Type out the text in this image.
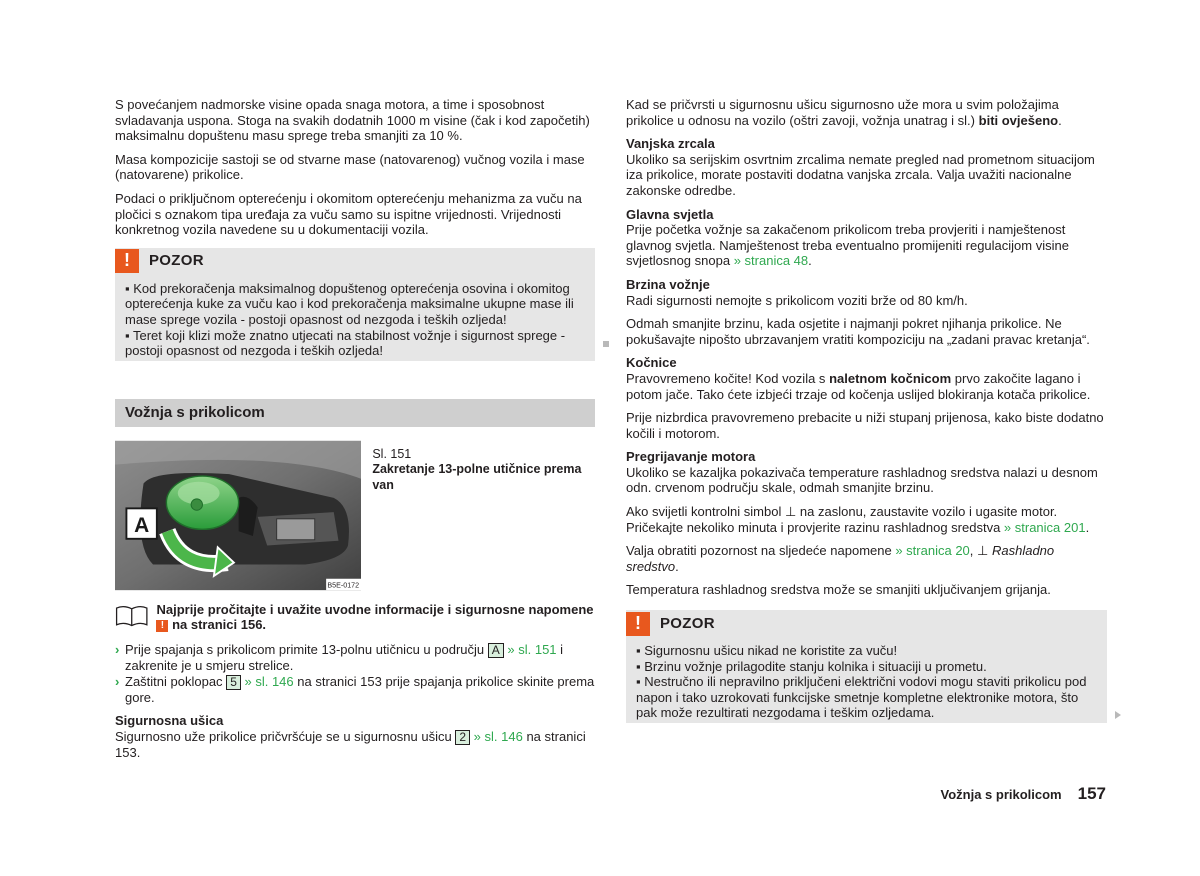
S povećanjem nadmorske visine opada snaga motora, a time i sposobnost svladavanja uspona. Stoga na svakih dodatnih 1000 m visine (čak i kod započetih) maksimalnu dopuštenu masu sprege treba smanjiti za 10 %.

Masa kompozicije sastoji se od stvarne mase (natovarenog) vučnog vozila i mase (natovarene) prikolice.

Podaci o priključnom opterećenju i okomitom opterećenju mehanizma za vuču na pločici s oznakom tipa uređaja za vuču samo su ispitne vrijednosti. Vrijednosti konkretnog vozila navedene su u dokumentaciji vozila.

!	POZOR

▪ Kod prekoračenja maksimalnog dopuštenog opterećenja osovina i okomitog opterećenja kuke za vuču kao i kod prekoračenja maksimalne ukupne mase ili mase sprege vozila - postoji opasnost od nezgoda i teških ozljeda!

▪ Teret koji klizi može znatno utjecati na stabilnost vožnje i sigurnost sprege - postoji opasnost od nezgoda i teških ozljeda!

Vožnja s prikolicom
A
B5E-0172
Sl. 151
Zakretanje 13-polne utičnice prema van
Najprije pročitajte i uvažite uvodne informacije i sigurnosne napomene ! na stranici 156.
› Prije spajanja s prikolicom primite 13-polnu utičnicu u području A » sl. 151 i zakrenite je u smjeru strelice.
› Zaštitni poklopac 5 » sl. 146 na stranici 153 prije spajanja prikolice skinite prema gore.
Sigurnosna ušica
Sigurnosno uže prikolice pričvršćuje se u sigurnosnu ušicu 2 » sl. 146 na stranici 153.

Kad se pričvrsti u sigurnosnu ušicu sigurnosno uže mora u svim položajima prikolice u odnosu na vozilo (oštri zavoji, vožnja unatrag i sl.) biti ovješeno.

Vanjska zrcala
Ukoliko sa serijskim osvrtnim zrcalima nemate pregled nad prometnom situacijom iza prikolice, morate postaviti dodatna vanjska zrcala. Valja uvažiti nacionalne zakonske odredbe.

Glavna svjetla
Prije početka vožnje sa zakačenom prikolicom treba provjeriti i namještenost glavnog svjetla. Namještenost treba eventualno promijeniti regulacijom visine svjetlosnog snopa » stranica 48.

Brzina vožnje
Radi sigurnosti nemojte s prikolicom voziti brže od 80 km/h.

Odmah smanjite brzinu, kada osjetite i najmanji pokret njihanja prikolice. Ne pokušavajte nipošto ubrzavanjem vratiti kompoziciju na „zadani pravac kretanja“.

Kočnice
Pravovremeno kočite! Kod vozila s naletnom kočnicom prvo zakočite lagano i potom jače. Tako ćete izbjeći trzaje od kočenja uslijed blokiranja kotača prikolice.

Prije nizbrdica pravovremeno prebacite u niži stupanj prijenosa, kako biste dodatno kočili i motorom.

Pregrijavanje motora
Ukoliko se kazaljka pokazivača temperature rashladnog sredstva nalazi u desnom odn. crvenom području skale, odmah smanjite brzinu.

Ako svijetli kontrolni simbol ⊥ na zaslonu, zaustavite vozilo i ugasite motor. Pričekajte nekoliko minuta i provjerite razinu rashladnog sredstva » stranica 201.

Valja obratiti pozornost na sljedeće napomene » stranica 20, ⊥ Rashladno sredstvo.

Temperatura rashladnog sredstva može se smanjiti uključivanjem grijanja.

!	POZOR

▪ Sigurnosnu ušicu nikad ne koristite za vuču!

▪ Brzinu vožnje prilagodite stanju kolnika i situaciji u prometu.

▪ Nestručno ili nepravilno priključeni električni vodovi mogu staviti prikolicu pod napon i tako uzrokovati funkcijske smetnje kompletne elektronike motora, što pak može rezultirati nezgodama i teškim ozljedama.

Vožnja s prikolicom 157
